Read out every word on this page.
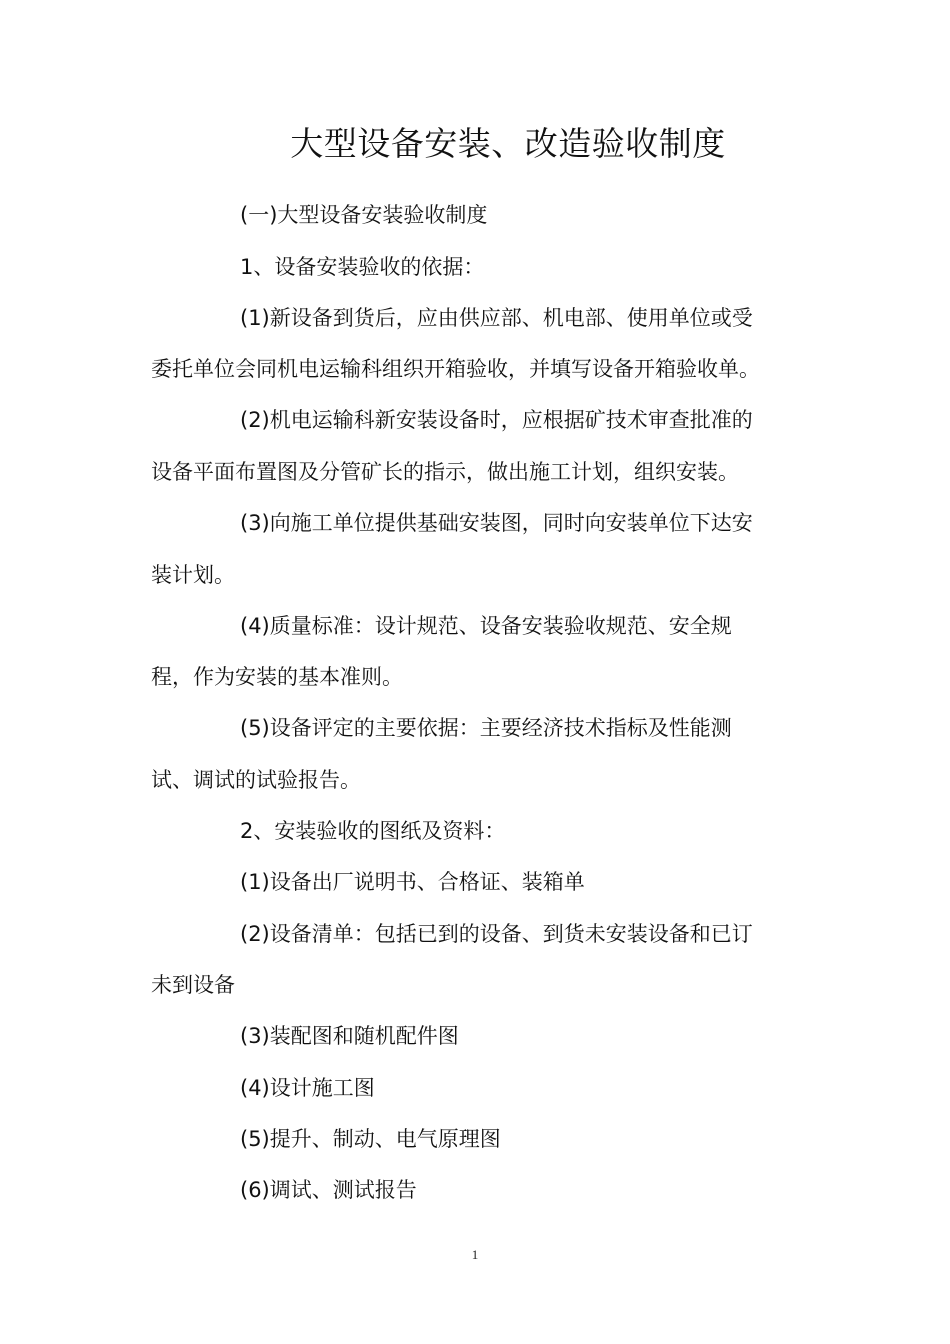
大型设备安装、改造验收制度
(一)大型设备安装验收制度
1、设备安装验收的依据：
(1)新设备到货后，应由供应部、机电部、使用单位或受
委托单位会同机电运输科组织开箱验收，并填写设备开箱验收单。
(2)机电运输科新安装设备时，应根据矿技术审查批准的
设备平面布置图及分管矿长的指示，做出施工计划，组织安装。
(3)向施工单位提供基础安装图，同时向安装单位下达安
装计划。
(4)质量标准：设计规范、设备安装验收规范、安全规
程，作为安装的基本准则。
(5)设备评定的主要依据：主要经济技术指标及性能测
试、调试的试验报告。
2、安装验收的图纸及资料：
(1)设备出厂说明书、合格证、装箱单
(2)设备清单：包括已到的设备、到货未安装设备和已订
未到设备
(3)装配图和随机配件图
(4)设计施工图
(5)提升、制动、电气原理图
(6)调试、测试报告
1
